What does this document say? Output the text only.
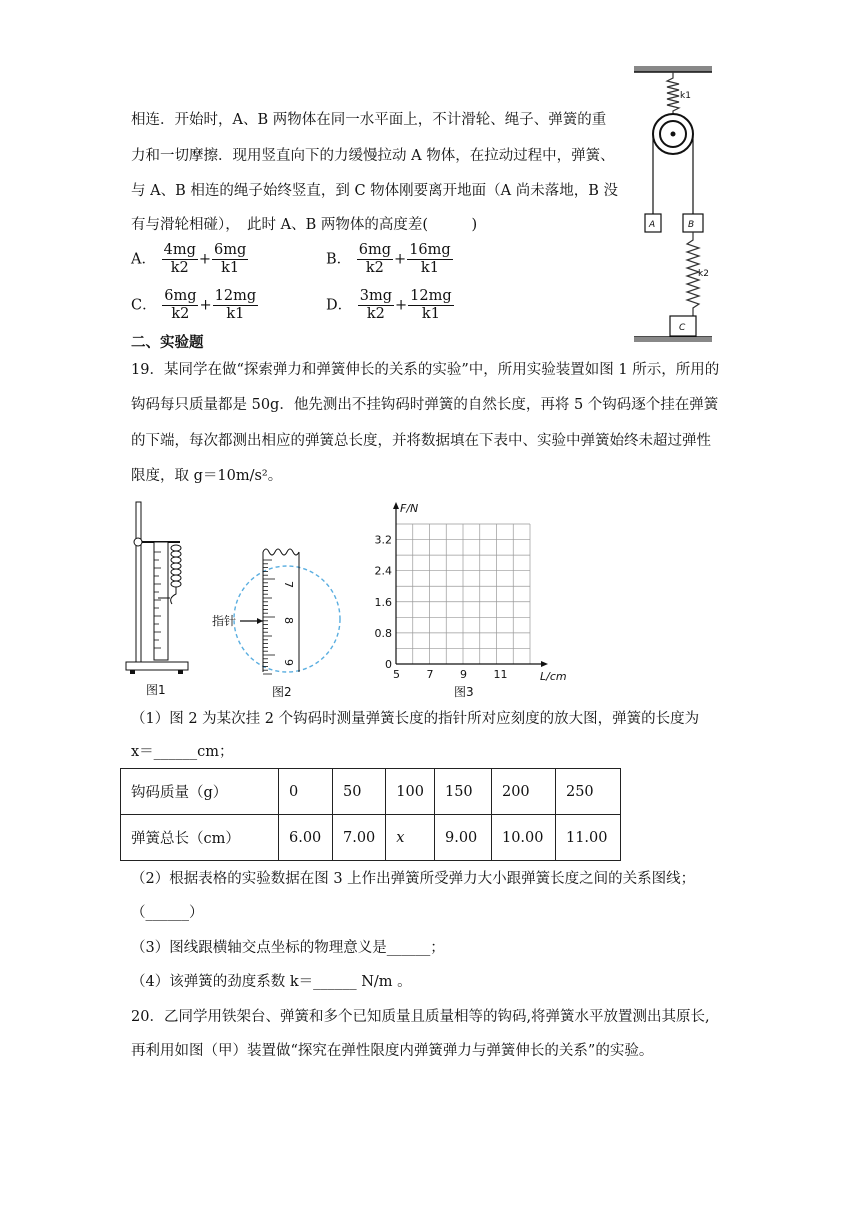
相连．开始时，A、B 两物体在同一水平面上，不计滑轮、绳子、弹簧的重
力和一切摩擦．现用竖直向下的力缓慢拉动 A 物体，在拉动过程中，弹簧、
与 A、B 相连的绳子始终竖直，到 C 物体刚要离开地面（A 尚未落地，B 没
有与滑轮相碰），　此时 A、B 两物体的高度差(　　　)
A． $\frac{4mg}{k2} + \frac{6mg}{k1}$	B． $\frac{6mg}{k2} + \frac{16mg}{k1}$
C． $\frac{6mg}{k2} + \frac{12mg}{k1}$	D． $\frac{3mg}{k2} + \frac{12mg}{k1}$
k1
A	B
k2
C
二、实验题
19．某同学在做“探索弹力和弹簧伸长的关系的实验”中，所用实验装置如图 1 所示，所用的
钩码每只质量都是 50g．他先测出不挂钩码时弹簧的自然长度，再将 5 个钩码逐个挂在弹簧
的下端，每次都测出相应的弹簧总长度，并将数据填在下表中、实验中弹簧始终未超过弹性
限度，取 g＝10m/s²。
图1
7
8
9
指针
图2
5 7 9 11
0
0.8
1.6
2.4
3.2
F/N
L/cm
图3
（1）图 2 为某次挂 2 个钩码时测量弹簧长度的指针所对应刻度的放大图，弹簧的长度为
x＝______cm；
钩码质量（g）	0	50	100	150	200	250
弹簧总长（cm）	6.00	7.00	x	9.00	10.00	11.00
（2）根据表格的实验数据在图 3 上作出弹簧所受弹力大小跟弹簧长度之间的关系图线；
（______）
（3）图线跟横轴交点坐标的物理意义是______；
（4）该弹簧的劲度系数 k＝______ N/m 。
20．乙同学用铁架台、弹簧和多个已知质量且质量相等的钩码,将弹簧水平放置测出其原长,
再利用如图（甲）装置做“探究在弹性限度内弹簧弹力与弹簧伸长的关系”的实验。
